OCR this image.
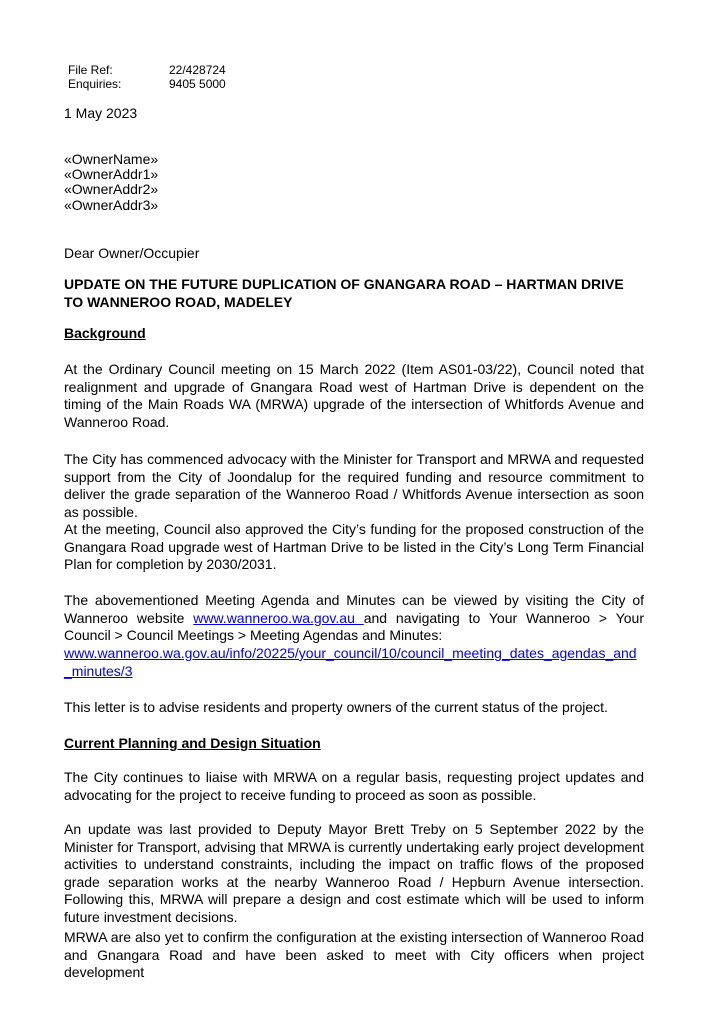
File Ref:	22/428724
Enquiries:	9405 5000
1 May 2023
«OwnerName»
«OwnerAddr1»
«OwnerAddr2»
«OwnerAddr3»
Dear Owner/Occupier
UPDATE ON THE FUTURE DUPLICATION OF GNANGARA ROAD – HARTMAN DRIVE TO WANNEROO ROAD, MADELEY
Background
At the Ordinary Council meeting on 15 March 2022 (Item AS01-03/22), Council noted that realignment and upgrade of Gnangara Road west of Hartman Drive is dependent on the timing of the Main Roads WA (MRWA) upgrade of the intersection of Whitfords Avenue and Wanneroo Road.
The City has commenced advocacy with the Minister for Transport and MRWA and requested support from the City of Joondalup for the required funding and resource commitment to deliver the grade separation of the Wanneroo Road / Whitfords Avenue intersection as soon as possible.
At the meeting, Council also approved the City’s funding for the proposed construction of the Gnangara Road upgrade west of Hartman Drive to be listed in the City’s Long Term Financial Plan for completion by 2030/2031.
The abovementioned Meeting Agenda and Minutes can be viewed by visiting the City of Wanneroo website www.wanneroo.wa.gov.au and navigating to Your Wanneroo > Your Council > Council Meetings > Meeting Agendas and Minutes:
www.wanneroo.wa.gov.au/info/20225/your_council/10/council_meeting_dates_agendas_and_minutes/3
This letter is to advise residents and property owners of the current status of the project.
Current Planning and Design Situation
The City continues to liaise with MRWA on a regular basis, requesting project updates and advocating for the project to receive funding to proceed as soon as possible.
An update was last provided to Deputy Mayor Brett Treby on 5 September 2022 by the Minister for Transport, advising that MRWA is currently undertaking early project development activities to understand constraints, including the impact on traffic flows of the proposed grade separation works at the nearby Wanneroo Road / Hepburn Avenue intersection. Following this, MRWA will prepare a design and cost estimate which will be used to inform future investment decisions.
MRWA are also yet to confirm the configuration at the existing intersection of Wanneroo Road and Gnangara Road and have been asked to meet with City officers when project development
